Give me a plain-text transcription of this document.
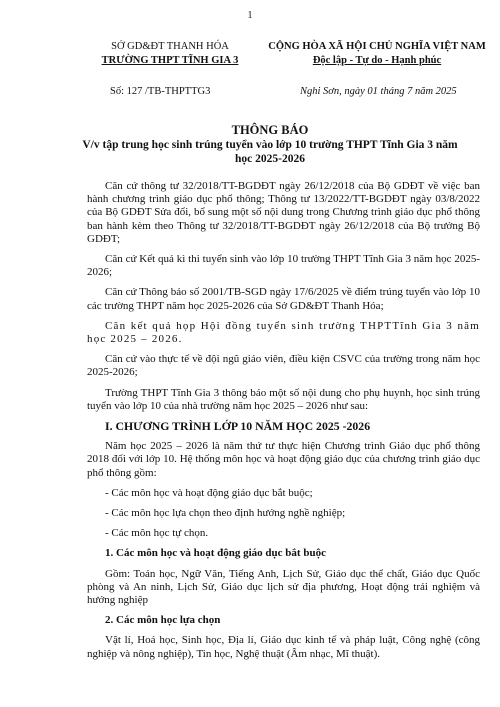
1
SỞ GD&ĐT THANH HÓA
TRƯỜNG THPT TĨNH GIA 3
CỘNG HÒA XÃ HỘI CHỦ NGHĨA VIỆT NAM
Độc lập - Tự do - Hạnh phúc
Số: 127 /TB-THPTTG3	Nghi Sơn, ngày 01 tháng 7 năm 2025
THÔNG BÁO
V/v tập trung học sinh trúng tuyển vào lớp 10 trường THPT Tĩnh Gia 3 năm học 2025-2026

Căn cứ thông tư 32/2018/TT-BGDĐT ngày 26/12/2018 của Bộ GDĐT về việc ban hành chương trình giáo dục phổ thông; Thông tư 13/2022/TT-BGDĐT ngày 03/8/2022 của Bộ GDĐT Sửa đổi, bổ sung một số nội dung trong Chương trình giáo dục phổ thông ban hành kèm theo Thông tư 32/2018/TT-BGDĐT ngày 26/12/2018 của Bộ trưởng Bộ GDĐT;

Căn cứ Kết quả kì thi tuyển sinh vào lớp 10 trường THPT Tĩnh Gia 3 năm học 2025-2026;

Căn cứ Thông báo số 2001/TB-SGD ngày 17/6/2025 về điểm trúng tuyển vào lớp 10 các trường THPT năm học 2025-2026 của Sở GD&ĐT Thanh Hóa;

Căn kết quả họp Hội đồng tuyển sinh trường THPTTĩnh Gia 3 năm học 2025 – 2026.

Căn cứ vào thực tế về đội ngũ giáo viên, điều kiện CSVC của trường trong năm học 2025-2026;

Trường THPT Tĩnh Gia 3 thông báo một số nội dung cho phụ huynh, học sinh trúng tuyển vào lớp 10 của nhà trường năm học 2025 – 2026 như sau:

I. CHƯƠNG TRÌNH LỚP 10 NĂM HỌC 2025 -2026

Năm học 2025 – 2026 là năm thứ tư thực hiện Chương trình Giáo dục phổ thông 2018 đối với lớp 10. Hệ thống môn học và hoạt động giáo dục của chương trình giáo dục phổ thông gồm:

- Các môn học và hoạt động giáo dục bắt buộc;

- Các môn học lựa chọn theo định hướng nghề nghiệp;

- Các môn học tự chọn.

1. Các môn học và hoạt động giáo dục bắt buộc

Gồm: Toán học, Ngữ Văn, Tiếng Anh, Lịch Sử, Giáo dục thể chất, Giáo dục Quốc phòng và An ninh, Lịch Sử, Giáo dục lịch sử địa phương, Hoạt động trải nghiệm và hướng nghiệp

2. Các môn học lựa chọn

Vật lí, Hoá học, Sinh học, Địa lí, Giáo dục kinh tế và pháp luật, Công nghệ (công nghiệp và nông nghiệp), Tin học, Nghệ thuật (Âm nhạc, Mĩ thuật).
